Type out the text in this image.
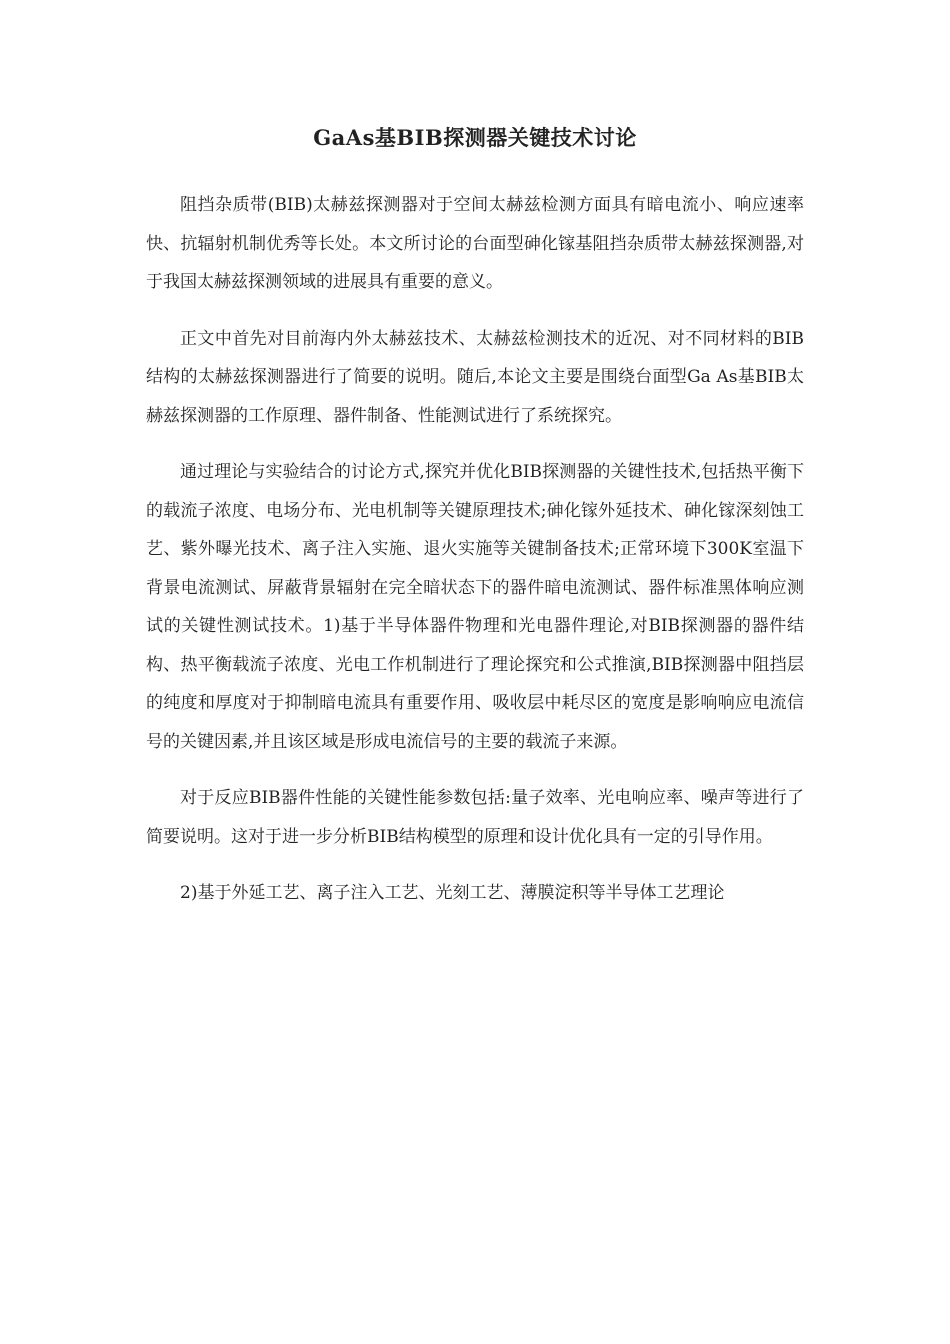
GaAs基BIB探测器关键技术讨论

阻挡杂质带(BIB)太赫兹探测器对于空间太赫兹检测方面具有暗电流小、响应速率快、抗辐射机制优秀等长处。本文所讨论的台面型砷化镓基阻挡杂质带太赫兹探测器,对于我国太赫兹探测领域的进展具有重要的意义。

正文中首先对目前海内外太赫兹技术、太赫兹检测技术的近况、对不同材料的BIB结构的太赫兹探测器进行了简要的说明。随后,本论文主要是围绕台面型Ga As基BIB太赫兹探测器的工作原理、器件制备、性能测试进行了系统探究。

通过理论与实验结合的讨论方式,探究并优化BIB探测器的关键性技术,包括热平衡下的载流子浓度、电场分布、光电机制等关键原理技术;砷化镓外延技术、砷化镓深刻蚀工艺、紫外曝光技术、离子注入实施、退火实施等关键制备技术;正常环境下300K室温下背景电流测试、屏蔽背景辐射在完全暗状态下的器件暗电流测试、器件标准黑体响应测试的关键性测试技术。1)基于半导体器件物理和光电器件理论,对BIB探测器的器件结构、热平衡载流子浓度、光电工作机制进行了理论探究和公式推演,BIB探测器中阻挡层的纯度和厚度对于抑制暗电流具有重要作用、吸收层中耗尽区的宽度是影响响应电流信号的关键因素,并且该区域是形成电流信号的主要的载流子来源。

对于反应BIB器件性能的关键性能参数包括:量子效率、光电响应率、噪声等进行了简要说明。这对于进一步分析BIB结构模型的原理和设计优化具有一定的引导作用。

2)基于外延工艺、离子注入工艺、光刻工艺、薄膜淀积等半导体工艺理论
